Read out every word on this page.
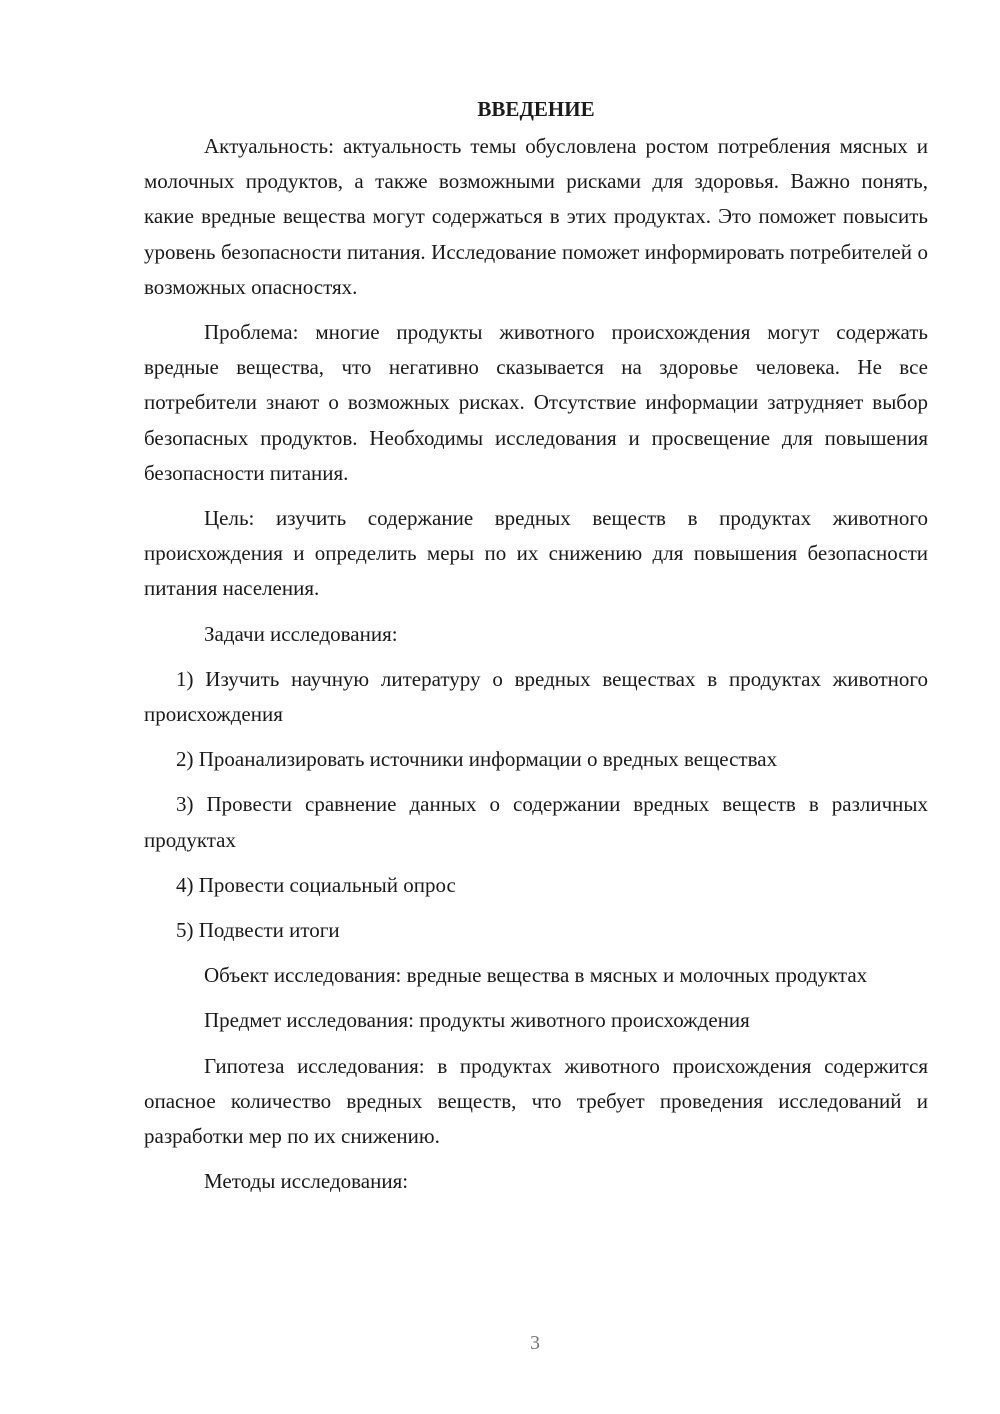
ВВЕДЕНИЕ

Актуальность: актуальность темы обусловлена ростом потребления мясных и молочных продуктов, а также возможными рисками для здоровья. Важно понять, какие вредные вещества могут содержаться в этих продуктах. Это поможет повысить уровень безопасности питания. Исследование поможет информировать потребителей о возможных опасностях.

Проблема: многие продукты животного происхождения могут содержать вредные вещества, что негативно сказывается на здоровье человека. Не все потребители знают о возможных рисках. Отсутствие информации затрудняет выбор безопасных продуктов. Необходимы исследования и просвещение для повышения безопасности питания.

Цель: изучить содержание вредных веществ в продуктах животного происхождения и определить меры по их снижению для повышения безопасности питания населения.

Задачи исследования:

1) Изучить научную литературу о вредных веществах в продуктах животного происхождения

2) Проанализировать источники информации о вредных веществах

3) Провести сравнение данных о содержании вредных веществ в различных продуктах

4) Провести социальный опрос

5) Подвести итоги

Объект исследования: вредные вещества в мясных и молочных продуктах

Предмет исследования: продукты животного происхождения

Гипотеза исследования: в продуктах животного происхождения содержится опасное количество вредных веществ, что требует проведения исследований и разработки мер по их снижению.

Методы исследования:

3
